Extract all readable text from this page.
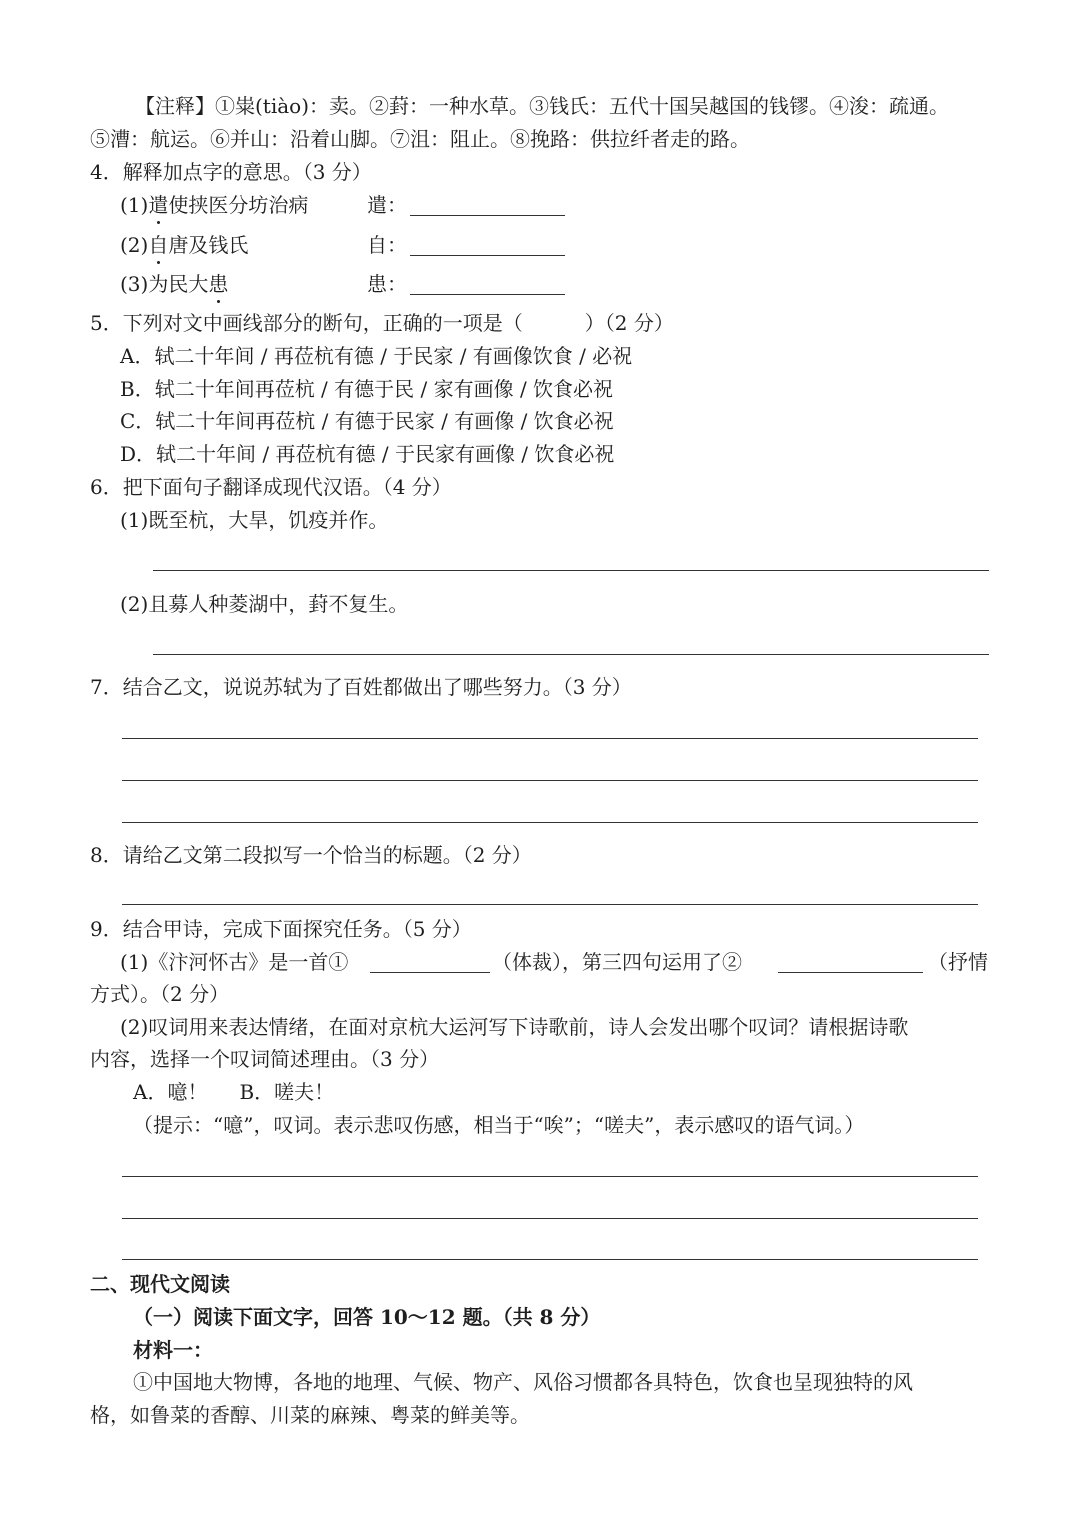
【注释】①粜(tiào)：卖。②葑：一种水草。③钱氏：五代十国吴越国的钱镠。④浚：疏通。
⑤漕：航运。⑥并山：沿着山脚。⑦沮：阻止。⑧挽路：供拉纤者走的路。
4．解释加点字的意思。（3 分）
(1)遣使挟医分坊治病	遣：
(2)自唐及钱氏	自：
(3)为民大患	患：
5．下列对文中画线部分的断句，正确的一项是（	）（2 分）
A．轼二十年间 / 再莅杭有德 / 于民家 / 有画像饮食 / 必祝
B．轼二十年间再莅杭 / 有德于民 / 家有画像 / 饮食必祝
C．轼二十年间再莅杭 / 有德于民家 / 有画像 / 饮食必祝
D．轼二十年间 / 再莅杭有德 / 于民家有画像 / 饮食必祝
6．把下面句子翻译成现代汉语。（4 分）
(1)既至杭，大旱，饥疫并作。
(2)且募人种菱湖中，葑不复生。
7．结合乙文，说说苏轼为了百姓都做出了哪些努力。（3 分）
8．请给乙文第二段拟写一个恰当的标题。（2 分）
9．结合甲诗，完成下面探究任务。（5 分）
(1)《汴河怀古》是一首①	（体裁），第三四句运用了②	（抒情
方式）。（2 分）
(2)叹词用来表达情绪，在面对京杭大运河写下诗歌前，诗人会发出哪个叹词？请根据诗歌
内容，选择一个叹词简述理由。（3 分）
A．噫！ B．嗟夫！
（提示：“噫”，叹词。表示悲叹伤感，相当于“唉”；“嗟夫”，表示感叹的语气词。）
二、现代文阅读
（一）阅读下面文字，回答 10～12 题。（共 8 分）
材料一：
①中国地大物博，各地的地理、气候、物产、风俗习惯都各具特色，饮食也呈现独特的风
格，如鲁菜的香醇、川菜的麻辣、粤菜的鲜美等。
